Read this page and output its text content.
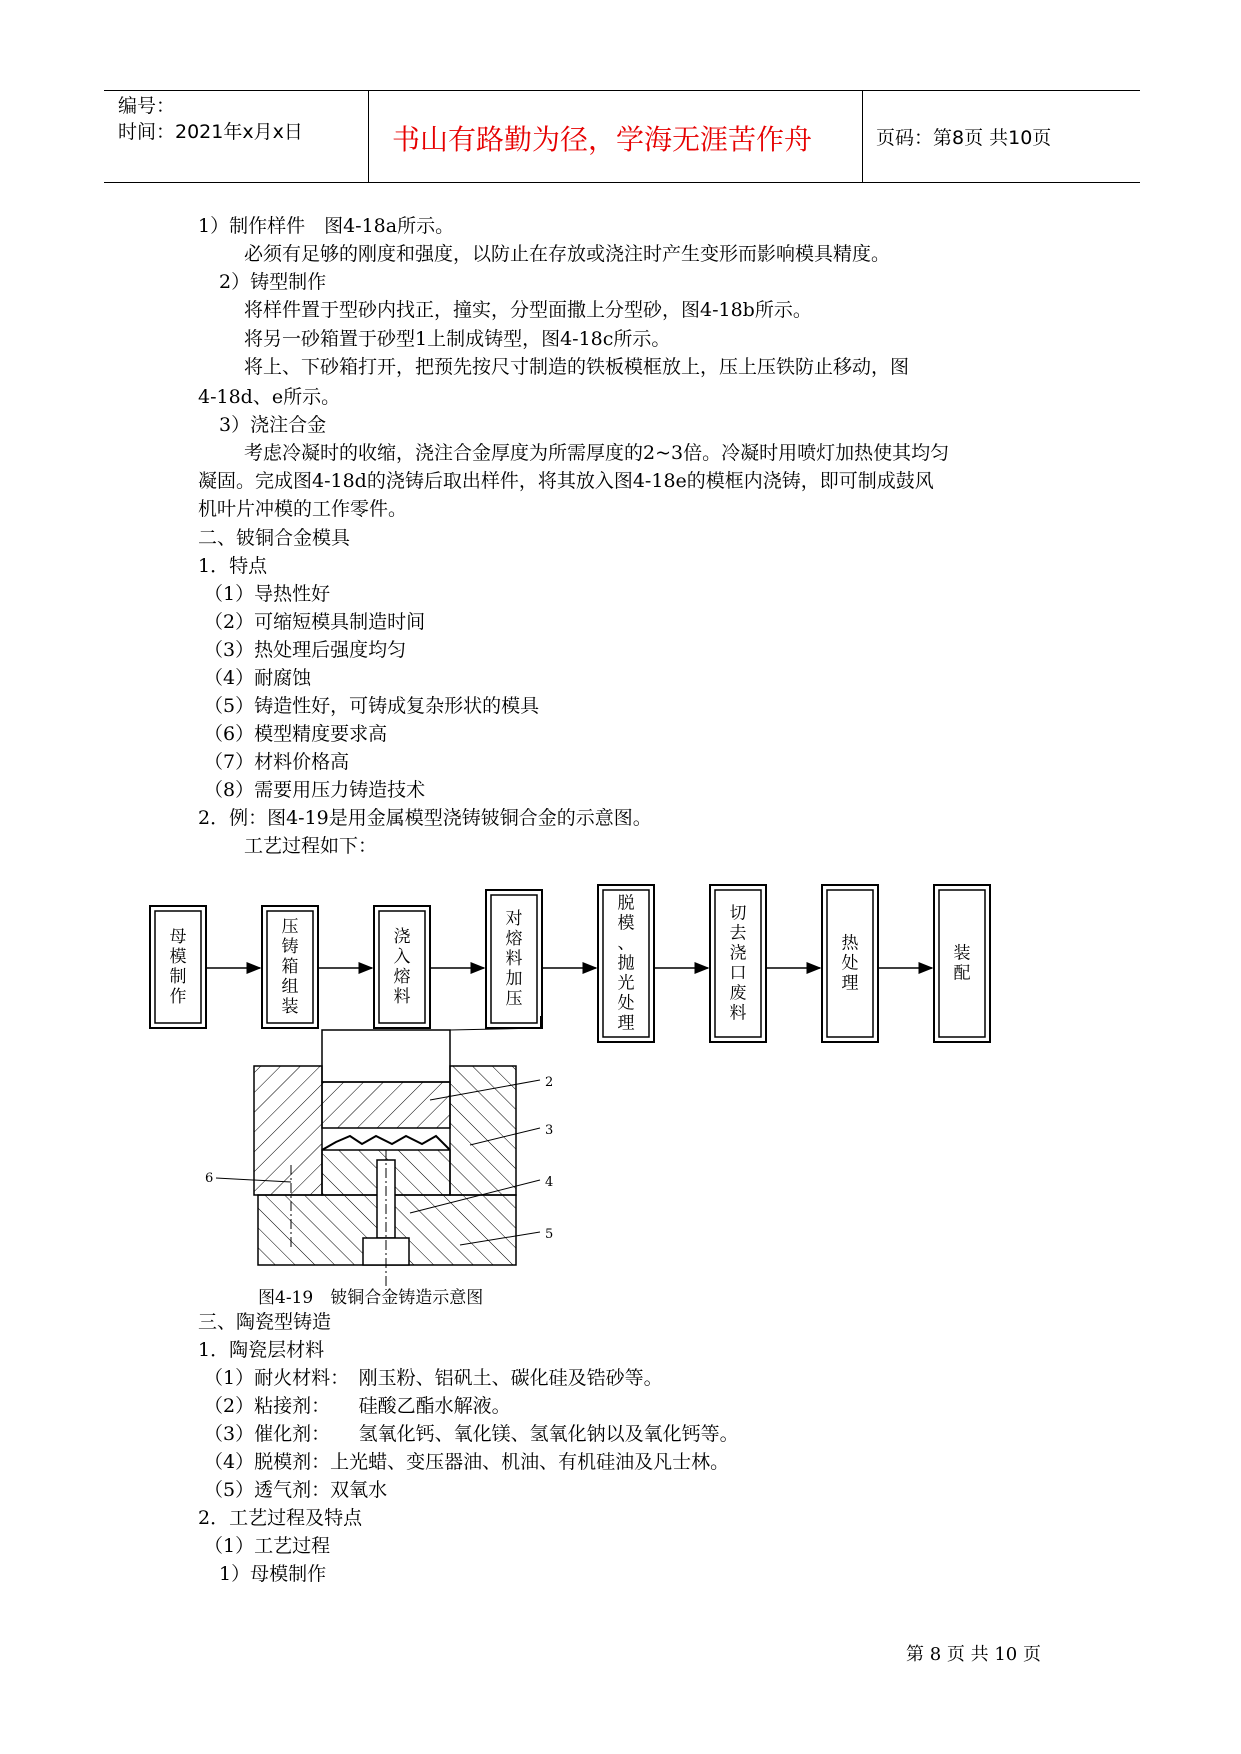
编号：
时间：2021年x月x日	书山有路勤为径，学海无涯苦作舟	页码：第8页 共10页
1）制作样件　图4-18a所示。
必须有足够的刚度和强度，以防止在存放或浇注时产生变形而影响模具精度。
2）铸型制作
将样件置于型砂内找正，撞实，分型面撒上分型砂，图4-18b所示。
将另一砂箱置于砂型1上制成铸型，图4-18c所示。
将上、下砂箱打开，把预先按尺寸制造的铁板模框放上，压上压铁防止移动，图
4-18d、e所示。
3）浇注合金
考虑冷凝时的收缩，浇注合金厚度为所需厚度的2~3倍。冷凝时用喷灯加热使其均匀
凝固。完成图4-18d的浇铸后取出样件，将其放入图4-18e的模框内浇铸，即可制成鼓风
机叶片冲模的工作零件。
二、铍铜合金模具
1．特点
（1）导热性好
（2）可缩短模具制造时间
（3）热处理后强度均匀
（4）耐腐蚀
（5）铸造性好，可铸成复杂形状的模具
（6）模型精度要求高
（7）材料价格高
（8）需要用压力铸造技术
2．例：图4-19是用金属模型浇铸铍铜合金的示意图。
工艺过程如下：
母模制作
压铸箱组装
浇入熔料
对熔料加压
脱模、抛光处理
切去浇口废料
热处理
装配
2
3
4
5
6
图4-19　铍铜合金铸造示意图
三、陶瓷型铸造
1．陶瓷层材料
（1）耐火材料：　刚玉粉、铝矾土、碳化硅及锆砂等。
（2）粘接剂：　　硅酸乙酯水解液。
（3）催化剂：　　氢氧化钙、氧化镁、氢氧化钠以及氧化钙等。
（4）脱模剂：上光蜡、变压器油、机油、有机硅油及凡士林。
（5）透气剂：双氧水
2．工艺过程及特点
（1）工艺过程
1）母模制作
第 8 页 共 10 页
